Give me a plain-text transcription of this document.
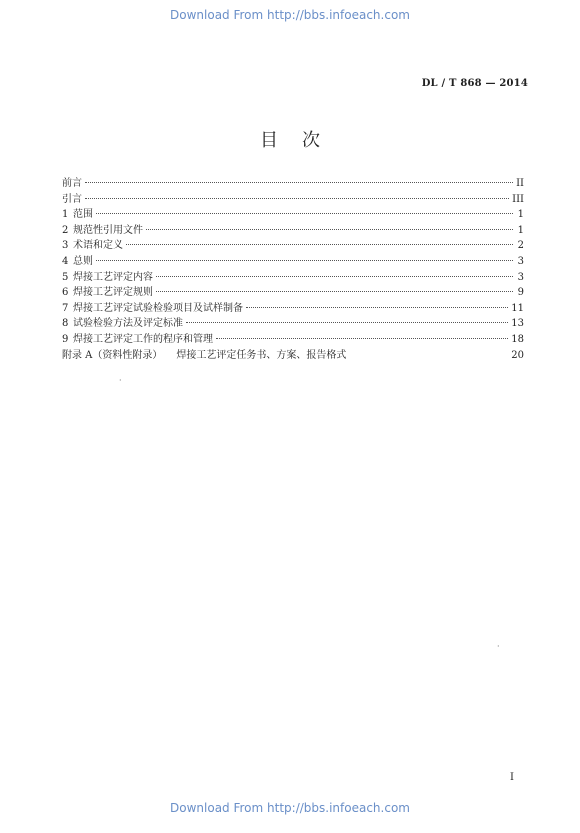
Download From http://bbs.infoeach.com
DL / T 868 — 2014
目次
前言	II
引言	III
1 范围	1
2 规范性引用文件	1
3 术语和定义	2
4 总则	3
5 焊接工艺评定内容	3
6 焊接工艺评定规则	9
7 焊接工艺评定试验检验项目及试样制备	11
8 试验检验方法及评定标准	13
9 焊接工艺评定工作的程序和管理	18
附录 A（资料性附录） 焊接工艺评定任务书、方案、报告格式	20
·
·
I
Download From http://bbs.infoeach.com
